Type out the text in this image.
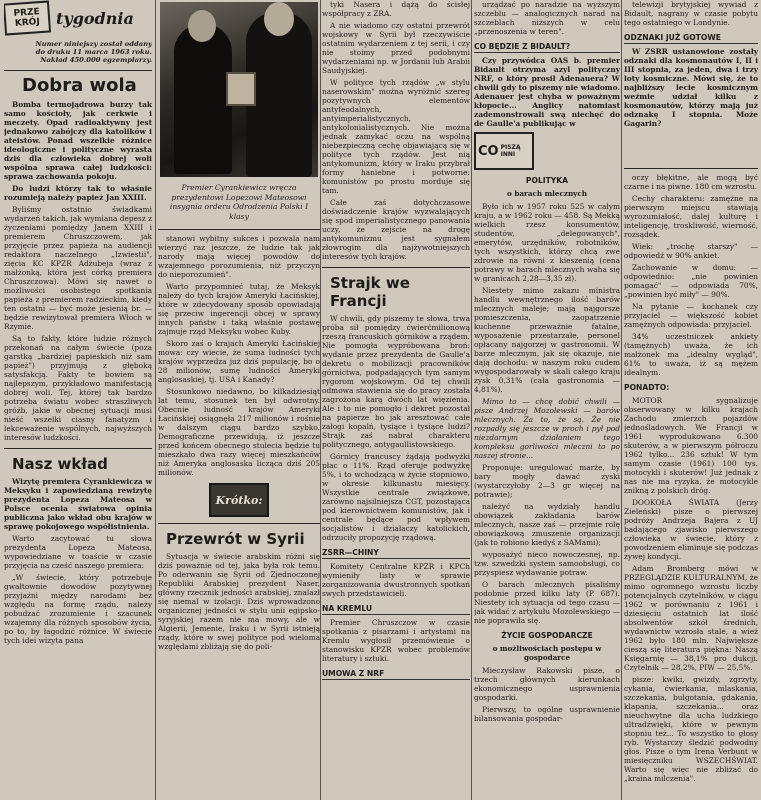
PRZE
KRÓJ tygodnia
Numer niniejszy został oddany do druku 11 marca 1963 roku. Nakład 450.000 egzemplarzy.
Dobra wola

Bomba termojądrowa burzy tak samo kościoły, jak cerkwie i meczety. Opad radioaktywny jest jednakowo zabójczy dla katolików i ateistów. Ponad wszelkie różnice ideologiczne i polityczne wyrasta dziś dla człowieka dobrej woli wspólna sprawa całej ludzkości: sprawa zachowania pokoju.

Do ludzi którzy tak to właśnie rozumieją należy papież Jan XXIII.

Byliśmy ostatnio świadkami wydarzeń takich, jak wymiana depesz z życzeniami pomiędzy Janem XXIII i premierem Chruszczowem, jak przyjęcie przez papieża na audiencji redaktora naczelnego „Izwiestii", zięcia KC KPZR Adżubeja (wraz z małżonką, która jest córką premiera Chruszczowa). Mówi się nawet o możliwości osobistego spotkania papieża z premierem radzieckim, kiedy ten ostatni — być może jesienią br. — będzie rewizytował premiera Włoch w Rzymie.

Są to fakty, które ludzie różnych przekonań na całym świecie (poza garstką „bardziej papieskich niż sam papież") przyjmują z głęboką satysfakcją. Fakty te bowiem są najlepszym, przykładowo manifestacją dobrej woli. Tej, której tak bardzo potrzeba światu wobec straszliwych gróźb, jakie w obecnej sytuacji musi nieść wszelki ciasny fanatyzm i lekceważenie wspólnych, najwyższych interesów ludzkości.

Nasz wkład

Wizytę premiera Cyrankiewicza w Meksyku i zapowiedzianą rewizytę prezydenta Lopeza Mateosa w Polsce ocenia światowa opinia publiczna jako wkład obu krajów w sprawę pokojowego współistnienia.

Warto zacytować tu słowa prezydenta Lopeza Mateosa, wypowiedziane w toaście w czasie przyjęcia na cześć naszego premiera:

„W świecie, który potrzebuje gwałtownie dowodów pozytywnej przyjaźni między narodami bez względu na formę rządu, należy pobudzać zrozumienie i szacunek wzajemny dla różnych sposobów życia, po to, by łagodzić różnice. W świecie tych idei wizyta pana

Premier Cyrankiewicz wręcza prezydentowi Lopezowi Mateosowi insygnia orderu Odrodzenia Polski I klasy

stanowi wybitny sukces i pozwala nam wierzyć raz jeszcze, że ludzie tak jak narody mają więcej powodów do wzajemnego porozumienia, niż przyczyn do nieporozumień".

Warto przypomnieć tutaj, że Meksyk należy do tych krajów Ameryki Łacińskiej, które w zdecydowany sposób opowiadają się przeciw ingerencji obcej w sprawy innych państw i taką właśnie postawę zajmuje rząd Meksyku wobec Kuby.

Skoro zaś o krajach Ameryki Łacińskiej mowa: czy wiecie, że suma ludności tych krajów wyprzedza już dziś populację, bo o 28 milionów, sumę ludności Ameryki anglosaskiej, tj. USA i Kanady?

Stosunkowo niedawno, bo kilkadziesiąt lat temu, stosunek ten był odwrotny. Obecnie ludność krajów Ameryki Łacińskiej osiągnęła 217 milionów i rośnie w dalszym ciągu bardzo szybko. Demograficzne przewidują, iż jeszcze przed końcem obecnego stulecia będzie tu mieszkało dwa razy więcej mieszkańców niż Ameryka anglosaska licząca dziś 205 milionów.

Krótko:
Przewrót w Syrii

Sytuacja w świecie arabskim różni się dziś poważnie od tej, jaka była rok temu. Po oderwaniu się Syrii od Zjednoczonej Republiki Arabskiej prezydent Naser, główny rzecznik jedności arabskiej, znalazł się niemal w izolacji. Dziś wprowadzono organicznej jedności w stylu unii egipsko-syryjskiej razem nie ma mowy, ale w Algierii, Jemenie, Iraku i w Syrii istnieją rządy, które w swej polityce pod wieloma względami zbliżają się do poli-

tyki Nasera i dążą do ścisłej współpracy z ZRA.

A nie wiadomo czy ostatni przewrót wojskowy w Syrii był rzeczywiście ostatnim wydarzeniem z tej serii, i czy nie stoimy przed podobnymi wydarzeniami np. w Jordanii lub Arabii Saudyjskiej.

W polityce tych rządów „w stylu naserowskim" można wyróżnić szereg pozytywnych elementów antyfeodalnych, antyimperialistycznych, antykolonialistycznych. Nie można jednak zamykać oczu na wspólną niebezpieczną cechę objawiającą się w polityce tych rządów. Jest nią antykomunizm, który w Iraku przybrał formy haniebne i potworne: komunistów po prostu morduje się tam.

Całe zaś dotychczasowe doświadczenie krajów wyzwalających się spod imperialistycznego panowania uczy, że zejście na drogę antykomunizmu jest sygnałem złowrogim dla najżywotniejszych interesów tych krajów.

Strajk we Francji

W chwili, gdy piszemy te słowa, trwa próba sił pomiędzy ćwierćmilionową rzeszą francuskich górników a rządem. Nie pomogła wypróbowana broń: wydanie przez prezydenta de Gaulle'a dekretu o mobilizacji pracowników górnictwa, podpadających tym samym rygorom wojskowym. Od tej chwili odmowa stawienia się do pracy została zagrożona karą dwóch lat więzienia. Ale i to nie pomogło i dekret pozostał na papierze bo jak aresztować całe załogi kopalń, tysiące i tysiące ludzi? Strajk zaś nabrał charakteru politycznego, antygaullistowskiego.

Górnicy francuscy żądają podwyżki płac o 11%. Rząd oferuje podwyżkę 5%, i to wchodzącą w życie stopniowo, w okresie kilkunastu miesięcy. Wszystkie centrale związkowe, zarówno najsilniejsza CGT, pozostająca pod kierownictwem komunistów, jak i centrale będące pod wpływem socjalistów i działaczy katolickich, odrzuciły propozycję rządową.

ZSRR—CHINY

Komitety Centralne KPZR i KPCh wymieniły listy w sprawie zorganizowania dwustronnych spotkań swych przedstawicieli.

NA KREMLU

Premier Chruszczow w czasie spotkania z pisarzami i artystami na Kremlu wygłosił przemówienie o stanowisku KPZR wobec problemów literatury i sztuki.

UMOWA Z NRF

urządzać po naradzie na wyższym szczeblu — analogicznych narad na szczeblach niższych w celu „przenoszenia w teren".

CO BĘDZIE Z BIDAULT?

Czy przywódca OAS b. premier Bidault otrzyma azyl polityczny NRF, o który prosił Adenauera? W chwili gdy to piszemy nie wiadomo. Adenauer jest chyba w poważnym kłopocie... Anglicy natomiast zademonstrowali swą niechęć do de Gaulle'a publikując w

CO PISZĄ INNI
POLITYKA
o barach mlecznych

Było ich w 1957 roku 525 w całym kraju, a w 1962 roku — 458. Są Mekką wielkich rzesz konsumentów, studentów, „delegowanych", emerytów, urzędników, robotników, tych wszystkich, którzy chcą zwe zdrowie na równi z kieszenią (cena potrawy w barach mlecznych waha się w granicach 2,28—3,35 zł).

Niestety mimo zakazu ministra handlu wewnętrznego ilość barów mlecznych maleje; mają najgorsze pomieszczenia, zaopatrzenie kuchenne przeważnie fatalne, wyposażenie przestarzałe, personel opłacany najgorzej w gastronomii. W barze mlecznym, jak się okazuje, nie dają dochodu: w naszym roku cudem wygospodarowały w skali całego kraju zysk 0,31% (cała gastronomia — 4,81%).

Mimo to — chcę dobić chwili — pisze Andrzej Mozolewski — barów mlecznych. Za to, że są. Że nie rozpadły się jeszcze w proch i pył pod niezdarnym działaniem tego kompleksu gorliwości mleczni to po naszej stronie...

Proponuje: uregulować marże, by bary mogły dawać zyski (wystarczyłoby 2—3 gr więcej na potrawie);

należyć na wydziały handlu obowiązek zakładania barów mlecznych, nasze zaś — przejmie rolę obowiązkową zmuszenie organizacji (jak to robiono kiedyś z SAMami);

wyposażyć nieco nowoczesnej, np. tzw. szwedzki system samoobsługi, co przyspiesz wydawanie potraw.

O barach mlecznych pisaliśmy podobnie przed kilku laty (P. 687). Niestety ich sytuacja od tego czasu — jak widać z artykułu Mozolewskiego — nie poprawiła się.

ŻYCIE GOSPODARCZE
o możliwościach postępu w gospodarce

Mieczysław Rakowski pisze, o trzech głównych kierunkach ekonomicznego usprawnienia gospodarki.

Pierwszy, to ogólne usprawnienie bilansowania gospodar-

telewizji brytyjskiej wywiad z Bidault, nagrany w czasie pobytu tego ostatniego w Londynie.

ODZNAKI JUŻ GOTOWE

W ZSRR ustanowione zostały odznaki dla kosmonautów I, II i III stopnia, za jeden, dwa i trzy loty kosmiczne. Mówi się, że to najbliższy lecie kosmicznym weźmie udział kilku z kosmonautów, którzy mają już odznakę I stopnia. Może Gagarin?

oczy błękitne, ale mogą być czarne i na piwne. 180 cm wzrostu.

Cechy charakteru: zamężne na pierwszym miejscu stawiają wyrozumiałość, dalej kulturę i inteligencję, troskliwość, wierność, rozsądek.

Wiek: „trochę starszy" — odpowiedź w 90% ankiet.

Zachowanie w domu: — odpowiednio: „nie powinien pomagać" — odpowiada 70%, „powinien być miły" — 90%.

Na pytanie — kochanek czy przyjaciel — większość kobiet zamężnych odpowiada: przyjaciel.

34% uczestniczek ankiety (tamężnych) uważa, że ich małżonek ma „idealny wygląd", 61% to uważa, iż są mężem idealnym.

PONADTO:

MOTOR sygnalizuje obserwowany w kilku krajach Zachodu zmierzch pojazdów jednośladowych. We Francji w 1961 wyprodukowano 6.300 skuterów, a w pierwszym półroczu 1962 tylko... 236 sztuk! W tym samym czasie (1961) 100 tys. motocykli i skuterów! Już jednak z nas nie ma ryzyka, że motocykle znikną z polskich dróg.

DOOKOŁA ŚWIATA (Jerzy Zieleński) pisze o pierwszej podróży Andrzeja Bajera z UJ badającego zjawisko pierwszego człowieka w świecie, który z powodzeniem eliminuje się podczas żywej kondycji.

Adam Bromberg mówi w PRZEGLĄDZIE KULTURALNYM, że mimo ogromnego wzrostu liczby potencjalnych czytelników, w ciągu 1962 w porównaniu z 1961 i dziesięciu ostatnich lat ilość absolwentów szkół średnich, wydawnictw wzrosła stale, a wież 1962 było 180 mln. Największe cieszą się literatura piękna: Naszą Księgarnię — 38,1% pro dukcji. Czytelnik — 28,2%, PIW — 25,5%.

pisze: kwiki, gwizdy, zgrzyty, cykania, ćwierkania, mlaskania, szczekania, bulgotania, gdakania, klapania, szczekania... oraz nieuchwytne dla ucha ludzkiego ultradźwięki, które w pewnym stopniu też... To wszystko to głosy ryb. Wystarczy śledzić podwodny głos. Pisze o tym Irena Verbunt w miesięczniku WSZECHŚWIAT. Warto się więc nie zbliżać do „kraina milczenia".
